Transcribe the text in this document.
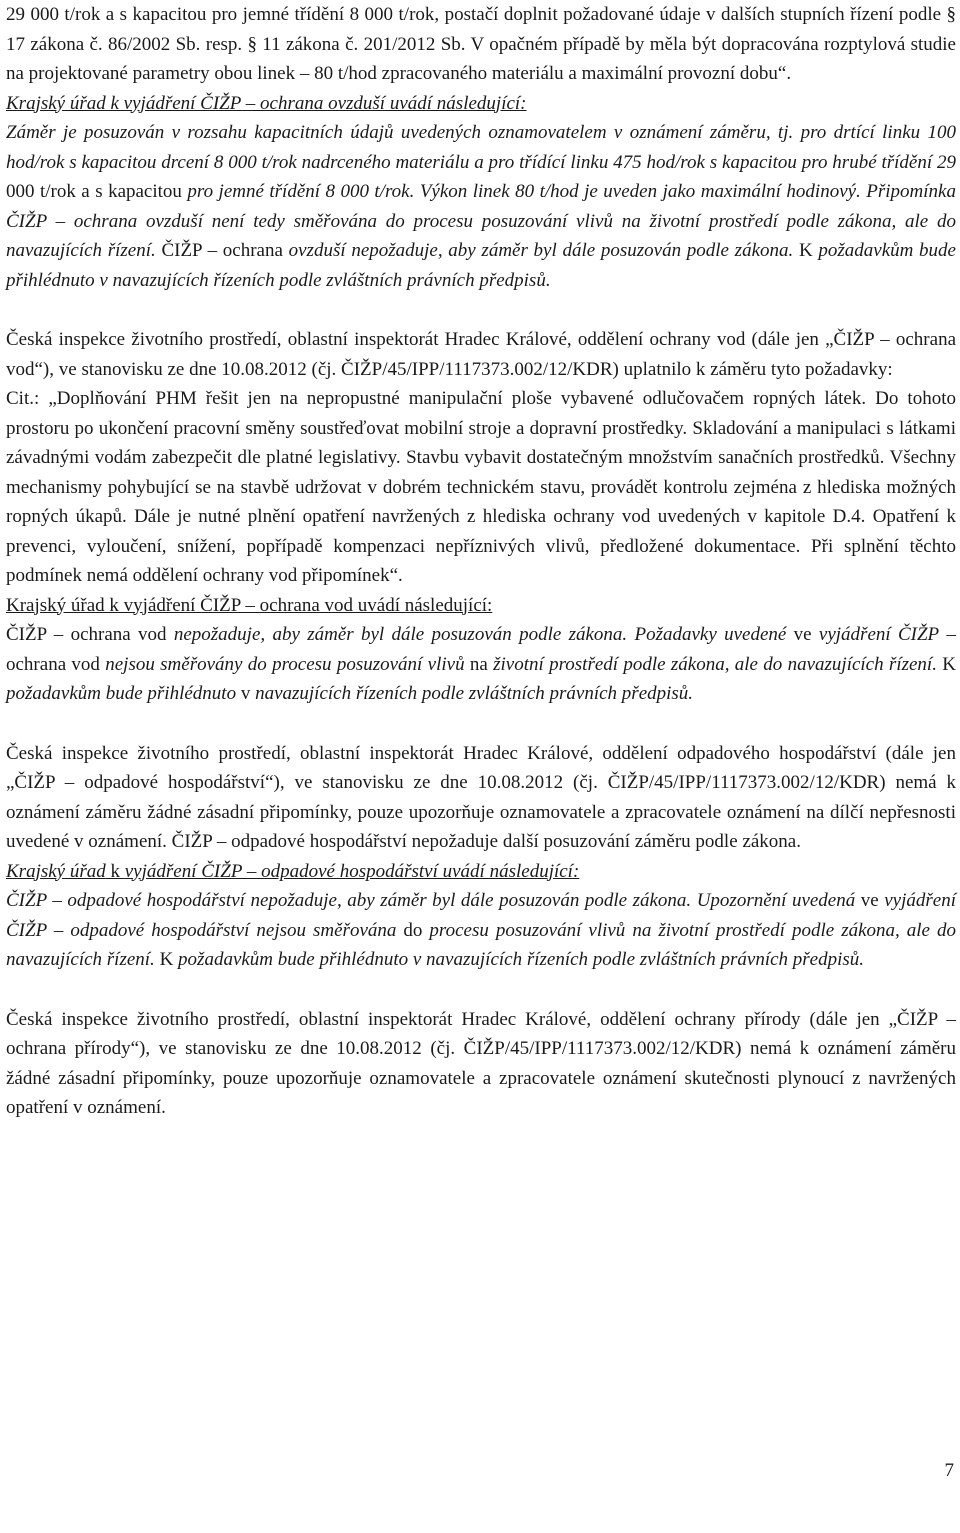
29 000 t/rok a s kapacitou pro jemné třídění 8 000 t/rok, postačí doplnit požadované údaje v dalších stupních řízení podle § 17 zákona č. 86/2002 Sb. resp. § 11 zákona č. 201/2012 Sb. V opačném případě by měla být dopracována rozptylová studie na projektované parametry obou linek – 80 t/hod zpracovaného materiálu a maximální provozní dobu“.

Krajský úřad k vyjádření ČIŽP – ochrana ovzduší uvádí následující:

Záměr je posuzován v rozsahu kapacitních údajů uvedených oznamovatelem v oznámení záměru, tj. pro drtící linku 100 hod/rok s kapacitou drcení 8 000 t/rok nadrceného materiálu a pro třídící linku 475 hod/rok s kapacitou pro hrubé třídění 29 000 t/rok a s kapacitou pro jemné třídění 8 000 t/rok. Výkon linek 80 t/hod je uveden jako maximální hodinový. Připomínka ČIŽP – ochrana ovzduší není tedy směřována do procesu posuzování vlivů na životní prostředí podle zákona, ale do navazujících řízení. ČIŽP – ochrana ovzduší nepožaduje, aby záměr byl dále posuzován podle zákona. K požadavkům bude přihlédnuto v navazujících řízeních podle zvláštních právních předpisů.

Česká inspekce životního prostředí, oblastní inspektorát Hradec Králové, oddělení ochrany vod (dále jen „ČIŽP – ochrana vod“), ve stanovisku ze dne 10.08.2012 (čj. ČIŽP/45/IPP/1117373.002/12/KDR) uplatnilo k záměru tyto požadavky:

Cit.: „Doplňování PHM řešit jen na nepropustné manipulační ploše vybavené odlučovačem ropných látek. Do tohoto prostoru po ukončení pracovní směny soustřeďovat mobilní stroje a dopravní prostředky. Skladování a manipulaci s látkami závadnými vodám zabezpečit dle platné legislativy. Stavbu vybavit dostatečným množstvím sanačních prostředků. Všechny mechanismy pohybující se na stavbě udržovat v dobrém technickém stavu, provádět kontrolu zejména z hlediska možných ropných úkapů. Dále je nutné plnění opatření navržených z hlediska ochrany vod uvedených v kapitole D.4. Opatření k prevenci, vyloučení, snížení, popřípadě kompenzaci nepříznivých vlivů, předložené dokumentace. Při splnění těchto podmínek nemá oddělení ochrany vod připomínek“.

Krajský úřad k vyjádření ČIŽP – ochrana vod uvádí následující:

ČIŽP – ochrana vod nepožaduje, aby záměr byl dále posuzován podle zákona. Požadavky uvedené ve vyjádření ČIŽP – ochrana vod nejsou směřovány do procesu posuzování vlivů na životní prostředí podle zákona, ale do navazujících řízení. K požadavkům bude přihlédnuto v navazujících řízeních podle zvláštních právních předpisů.

Česká inspekce životního prostředí, oblastní inspektorát Hradec Králové, oddělení odpadového hospodářství (dále jen „ČIŽP – odpadové hospodářství“), ve stanovisku ze dne 10.08.2012 (čj. ČIŽP/45/IPP/1117373.002/12/KDR) nemá k oznámení záměru žádné zásadní připomínky, pouze upozorňuje oznamovatele a zpracovatele oznámení na dílčí nepřesnosti uvedené v oznámení. ČIŽP – odpadové hospodářství nepožaduje další posuzování záměru podle zákona.

Krajský úřad k vyjádření ČIŽP – odpadové hospodářství uvádí následující:

ČIŽP – odpadové hospodářství nepožaduje, aby záměr byl dále posuzován podle zákona. Upozornění uvedená ve vyjádření ČIŽP – odpadové hospodářství nejsou směřována do procesu posuzování vlivů na životní prostředí podle zákona, ale do navazujících řízení. K požadavkům bude přihlédnuto v navazujících řízeních podle zvláštních právních předpisů.

Česká inspekce životního prostředí, oblastní inspektorát Hradec Králové, oddělení ochrany přírody (dále jen „ČIŽP – ochrana přírody“), ve stanovisku ze dne 10.08.2012 (čj. ČIŽP/45/IPP/1117373.002/12/KDR) nemá k oznámení záměru žádné zásadní připomínky, pouze upozorňuje oznamovatele a zpracovatele oznámení skutečnosti plynoucí z navržených opatření v oznámení.

7
